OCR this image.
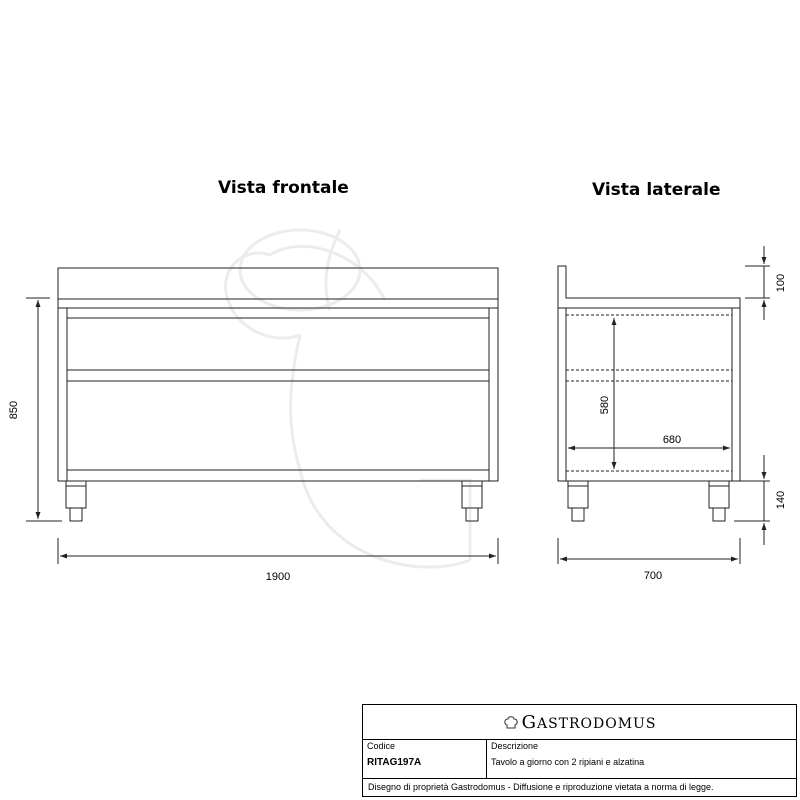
Vista frontale	Vista laterale
850
1900	700
580
680
100
140
GASTRODOMUS
Codice
RITAG197A
Descrizione
Tavolo a giorno con 2 ripiani e alzatina
Disegno di proprietà Gastrodomus - Diffusione e riproduzione vietata a norma di legge.
